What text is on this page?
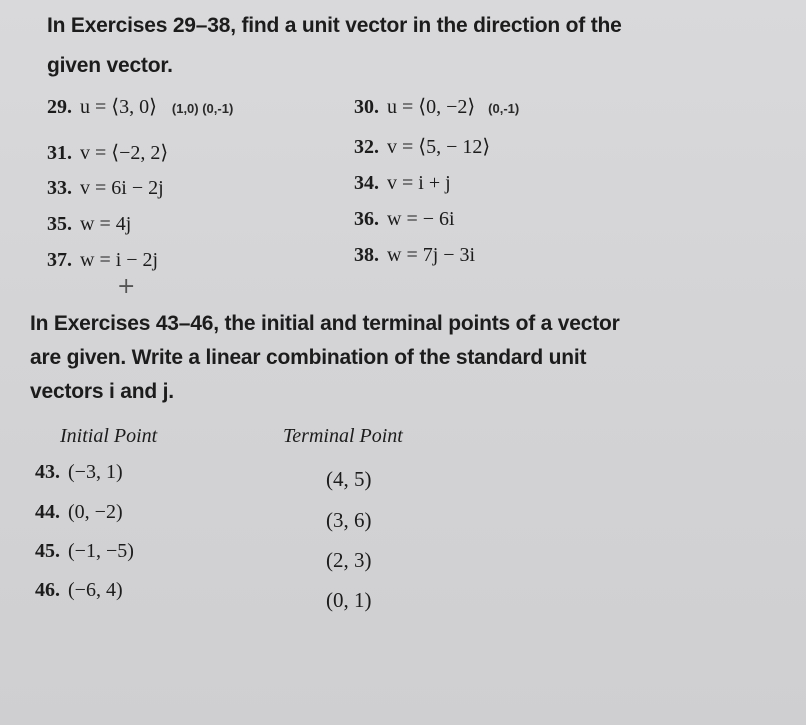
In Exercises 29–38, find a unit vector in the direction of the
given vector.
29. u = ⟨3, 0⟩ (1,0) (0,-1)	30. u = ⟨0, −2⟩ (0,-1)
31. v = ⟨−2, 2⟩	32. v = ⟨5, − 12⟩
33. v = 6i − 2j	34. v = i + j
35. w = 4j	36. w = − 6i
37. w = i − 2j	38. w = 7j − 3i
+
In Exercises 43–46, the initial and terminal points of a vector
are given. Write a linear combination of the standard unit
vectors i and j.
Initial Point	Terminal Point
43. (−3, 1)	(4, 5)
44. (0, −2)	(3, 6)
45. (−1, −5)	(2, 3)
46. (−6, 4)	(0, 1)
